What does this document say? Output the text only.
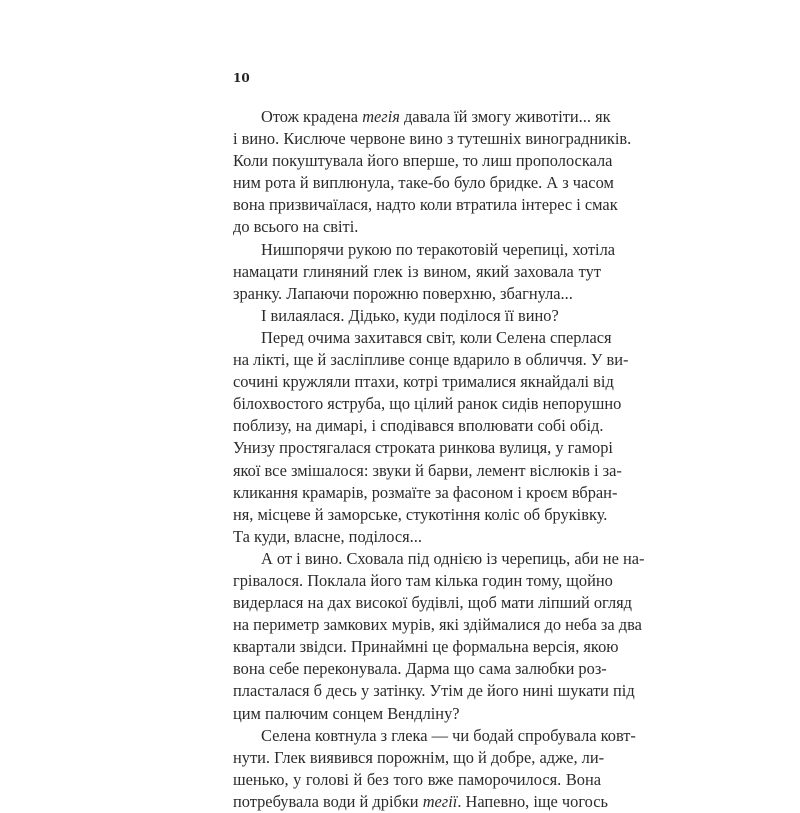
10

Отож крадена тегія давала їй змогу животіти... як
і вино. Кислюче червоне вино з тутешніх виноградників.
Коли покуштувала його вперше, то лиш прополоскала
ним рота й виплюнула, таке-бо було бридке. А з часом
вона призвичаїлася, надто коли втратила інтерес і смак
до всього на світі.

Нишпорячи рукою по теракотовій черепиці, хотіла
намацати глиняний глек із вином, який заховала тут
зранку. Лапаючи порожню поверхню, збагнула...

І вилаялася. Дідько, куди поділося її вино?

Перед очима захитався світ, коли Селена сперлася
на лікті, ще й засліпливе сонце вдарило в обличчя. У ви-
сочині кружляли птахи, котрі трималися якнайдалі від
білохвостого яструба, що цілий ранок сидів непорушно
поблизу, на димарі, і сподівався вполювати собі обід.
Унизу простягалася строката ринкова вулиця, у гаморі
якої все змішалося: звуки й барви, лемент віслюків і за-
кликання крамарів, розмаїте за фасоном і кроєм вбран-
ня, місцеве й заморське, стукотіння коліс об бруківку.
Та куди, власне, поділося...

А от і вино. Сховала під однією із черепиць, аби не на-
грівалося. Поклала його там кілька годин тому, щойно
видерлася на дах високої будівлі, щоб мати ліпший огляд
на периметр замкових мурів, які здіймалися до неба за два
квартали звідси. Принаймні це формальна версія, якою
вона себе переконувала. Дарма що сама залюбки роз-
пласталася б десь у затінку. Утім де його нині шукати під
цим палючим сонцем Вендліну?

Селена ковтнула з глека — чи бодай спробувала ковт-
нути. Глек виявився порожнім, що й добре, адже, ли-
шенько, у голові й без того вже паморочилося. Вона
потребувала води й дрібки тегії. Напевно, іще чогось
